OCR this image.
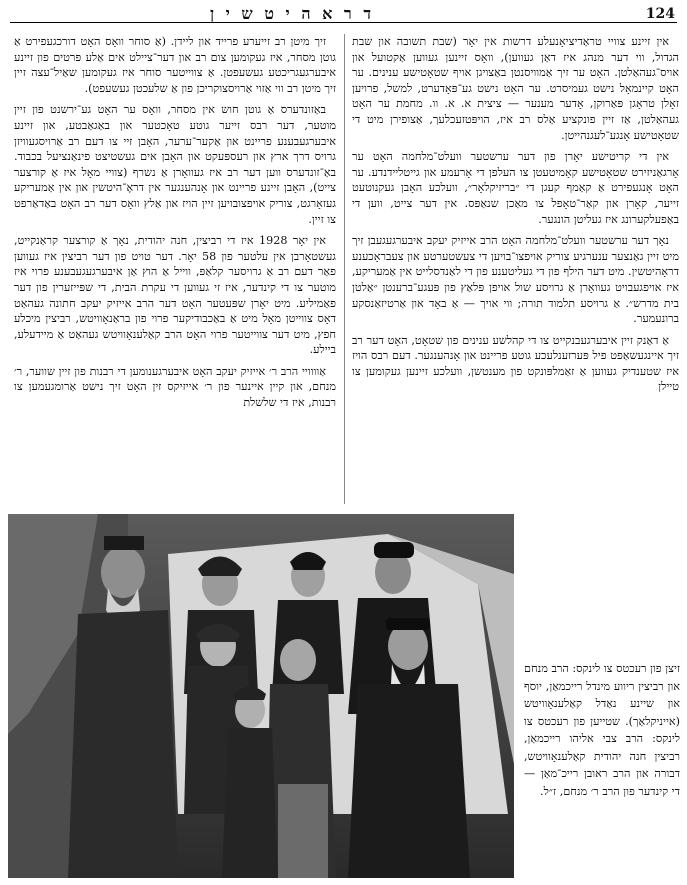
124
ד ר א ה י ט ש י ן

אין זיינע צוויי טראַדיציאָנעלע דרשות אין יאָר (שבת תשובה און שבת הגדול, ווי דער מנהג איז דאַן געווען), וואָס זיינען געווען אַקטועל און אויס־געהאַלטן. האָט ער זיך אַמוויסנטן באַצויגן אויף שטאָטישע ענינים. ער האָט קיינמאָל נישט געמיסרט. ער האָט נישט גע־פּאָדערט, למשל, פרויען זאָלן טראָגן פּאַרוקן, אָדער מענער — ציצית א. א. וו. מחמת ער האָט געהאַלטן, אַז זיין פונקציע אַלס רב איז, הויפּטזעכלעך, אַצופירן מיט די שטאָטישע אָנגע־לעגנהייטן.

אין די קריטישע יאָרן פון דער ערשטער וועלט־מלחמה האָט ער אָרגאַניזירט שטאָטישע קאָמיטעטן צו העלפן די אָרעמע און גייטליידנדע. ער האָט אָנגעפירט אַ קאַמף קעגן די ״בריזיקלאָר״, וועלכע האָבן געקנוטעט זייער, קאָרן און קאַר־טאָפל צו מאַכן שנאַפּס. אין דער צייט, ווען די באַפעלקערונג איז געליטן הונגער.

נאָך דער ערשטער וועלט־מלחמה האָט הרב אייזיק יעקב איבערגעגעבן זיך מיט זיין גאַנצער ענערגיע צוריק אויפצו־בויען די צעשטערטע און צעבראָכענע דראָהיטשין. מיט דער הילף פון די געליטענע פון די לאַנדסלייט אין אַמעריקע, איז אויפגעבויט געוואָרן אַ גרויסע שול אויפן פּלאַץ פון פּעגע־ברענטן ״אַלטן בית מדרש״. אַ גרויסע תלמוד תורה; ווי אויך — אַ באָד און אַרטיזאַנסקע ברונעמער.

אַ דאַנק זיין איבערגעבנקייט צו די קהלשע ענינים פון שטאָט, האָט דער רב זיך איינגעשאַפט פיל פּערזענלעכע גוטע פריינט און אָנהענגער. דעם רבס הויז איז שטענדיק געווען אַ זאַמלפּונקט פון מענטשן, וועלכע זיינען געקומען צו טיילן

זיך מיטן רב זייערע פרייד און ליידן. (אַ סוחר וואָס האָט דורכגעפירט אַ גוטן מסחר, איז געקומען צום רב און דער־ציילט אים אַלע פּרטים פון זיינע איבערגעגריכטע געשעפטן. אַ צווייטער סוחר איז געקומען שאַיל־עצה זיין זיך מיטן רב ווי אַזוי אַרויסצוקריכן פון אַ שלעכטן געשעפט).

באַזונדערס אַ גוטן חוש אין מסחר, וואָס ער האָט גע־ירשנט פון זיין מוטער, דער רבס זייער גוטע טאָכטער און באַגאַבטע, און זיינע איבערגעבענע פריינט און אַקער־ערער, האָבן זיי צו דעם רב אַרויסגעוויזן גרויס דרך ארץ און רעספּעקט און האָבן אים געשטיצט פינאַנציעל בכבוד. באַ־זונדערס ווען דער רב איז געוואָרן אַ נשרף (צוויי מאָל איז אַ קורצער צייט), האָבן זיינע פריינט און אָנהענגער אין דראָ־היטשין און אין אַמעריקע געזאָרגט, צוריק אויפצובויען זיין הויז און אַלץ וואָס דער רב האָט באַדאַרפט צו זיין.

אין יאָר 1928 איז די רביצין, חנה יהודית, נאָך אַ קורצער קראַנקייט, געשטאָרבן אין עלטער פון 58 יאָר. דער טויט פון דער רביצין איז געווען פאַר דעם רב אַ גרויסער קלאַפּ, ווייל אַ הוץ אַן איבערגעגעבענע פרוי איז מוטער צו די קינדער, איז זי געווען די עקרת הבית, די שפּייזערין פון דער פאַמיליע. מיט יאָרן שפּעטער האָט דער הרב אייזיק יעקב חתונה געהאַט דאָס צווייטן מאָל מיט אַ באַכבודיקער פרוי פון בראַנאָוויטש, רביצין מיכלע חפץ, מיט דער צווייטער פרוי האָט הרב קאַלענאָוויטש געהאַט אַ מיידעלע, ביילע.

אַוווויי הרב ר׳ אייזיק יעקב האָט איבערגענומען די רבנות פון זיין שווער, ר׳ מנחם, און קיין איינער פון ר׳ אייזיקס זין האָט זיך נישט אַרומגעמען צו רבנות, איז די שלשלת

זיצן פון רעכטס צו לינקס: הרב מנחם און רביצין ריווע מינדל רייכמאַן, יוסף און שיינע נאַדל קאַלענאָוויטש (אייניקלאַך). שטייען פון רעכטס צו לינקס: הרב צבי אליהו רייכמאַן, רביצין חנה יהודית קאַלענאָוויטש, דבורה און הרב ראובן רייכ־מאַן — די קינדער פון הרב ר׳ מנחם, ז״ל.
